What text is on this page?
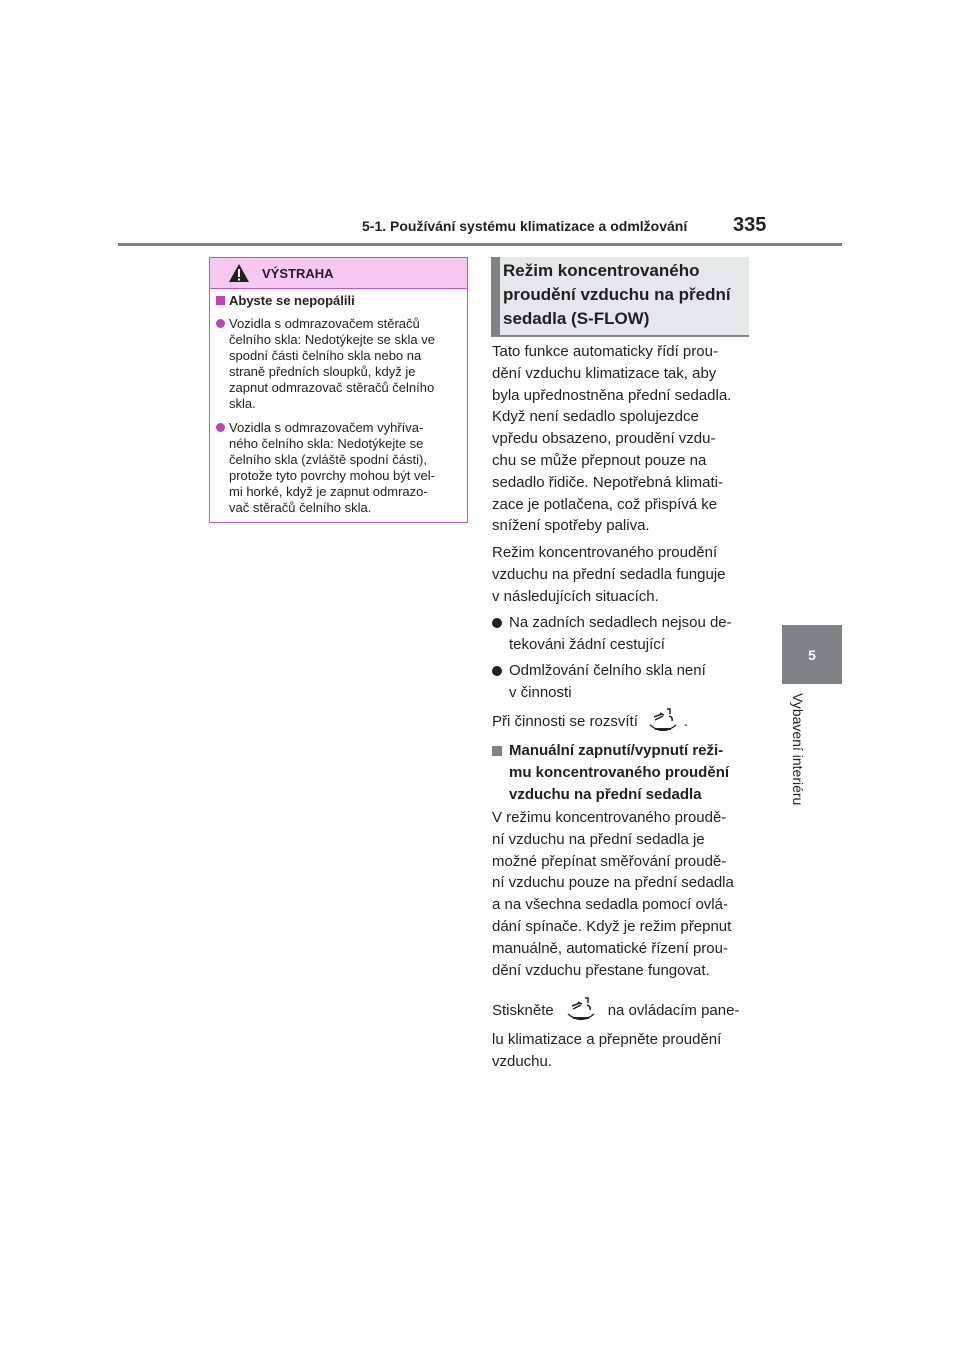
5-1. Používání systému klimatizace a odmlžování 335
5
Vybavení interiéru
VÝSTRAHA
Abyste se nepopálili
Vozidla s odmrazovačem stěračů
čelního skla: Nedotýkejte se skla ve
spodní části čelního skla nebo na
straně předních sloupků, když je
zapnut odmrazovač stěračů čelního
skla.
Vozidla s odmrazovačem vyhříva-
ného čelního skla: Nedotýkejte se
čelního skla (zvláště spodní části),
protože tyto povrchy mohou být vel-
mi horké, když je zapnut odmrazo-
vač stěračů čelního skla.
Režim koncentrovaného
proudění vzduchu na přední
sedadla (S-FLOW)
Tato funkce automaticky řídí prou-
dění vzduchu klimatizace tak, aby
byla upřednostněna přední sedadla.
Když není sedadlo spolujezdce
vpředu obsazeno, proudění vzdu-
chu se může přepnout pouze na
sedadlo řidiče. Nepotřebná klimati-
zace je potlačena, což přispívá ke
snížení spotřeby paliva.
Režim koncentrovaného proudění
vzduchu na přední sedadla funguje
v následujících situacích.
Na zadních sedadlech nejsou de-
tekováni žádní cestující
Odmlžování čelního skla není
v činnosti
Při činnosti se rozsvítí	.
Manuální zapnutí/vypnutí reži-
mu koncentrovaného proudění
vzduchu na přední sedadla
V režimu koncentrovaného proudě-
ní vzduchu na přední sedadla je
možné přepínat směřování proudě-
ní vzduchu pouze na přední sedadla
a na všechna sedadla pomocí ovlá-
dání spínače. Když je režim přepnut
manuálně, automatické řízení prou-
dění vzduchu přestane fungovat.
Stiskněte	na ovládacím pane-
lu klimatizace a přepněte proudění
vzduchu.
